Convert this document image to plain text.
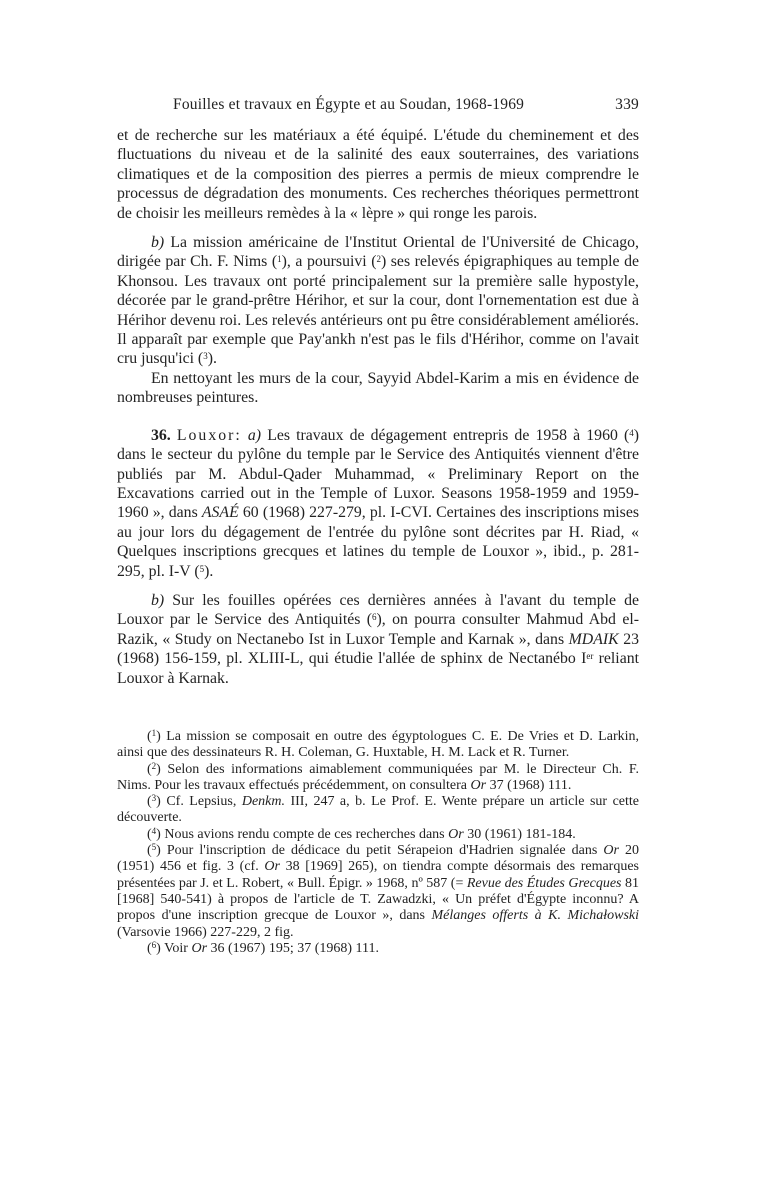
Fouilles et travaux en Égypte et au Soudan, 1968-1969	339

et de recherche sur les matériaux a été équipé. L'étude du cheminement et des fluctuations du niveau et de la salinité des eaux souterraines, des variations climatiques et de la composition des pierres a permis de mieux comprendre le processus de dégradation des monuments. Ces recherches théoriques permettront de choisir les meilleurs remèdes à la « lèpre » qui ronge les parois.

b) La mission américaine de l'Institut Oriental de l'Université de Chicago, dirigée par Ch. F. Nims ($^1$), a poursuivi ($^2$) ses relevés épigraphiques au temple de Khonsou. Les travaux ont porté principalement sur la première salle hypostyle, décorée par le grand-prêtre Hérihor, et sur la cour, dont l'ornementation est due à Hérihor devenu roi. Les relevés antérieurs ont pu être considérablement améliorés. Il apparaît par exemple que Pay'ankh n'est pas le fils d'Hérihor, comme on l'avait cru jusqu'ici ($^3$).

En nettoyant les murs de la cour, Sayyid Abdel-Karim a mis en évidence de nombreuses peintures.

36. Louxor: a) Les travaux de dégagement entrepris de 1958 à 1960 ($^4$) dans le secteur du pylône du temple par le Service des Antiquités viennent d'être publiés par M. Abdul-Qader Muhammad, « Preliminary Report on the Excavations carried out in the Temple of Luxor. Seasons 1958-1959 and 1959-1960 », dans ASAÉ 60 (1968) 227-279, pl. I-CVI. Certaines des inscriptions mises au jour lors du dégagement de l'entrée du pylône sont décrites par H. Riad, « Quelques inscriptions grecques et latines du temple de Louxor », ibid., p. 281-295, pl. I-V ($^5$).

b) Sur les fouilles opérées ces dernières années à l'avant du temple de Louxor par le Service des Antiquités ($^6$), on pourra consulter Mahmud Abd el-Razik, « Study on Nectanebo Ist in Luxor Temple and Karnak », dans MDAIK 23 (1968) 156-159, pl. XLIII-L, qui étudie l'allée de sphinx de Nectanébo Ier reliant Louxor à Karnak.

($^1$) La mission se composait en outre des égyptologues C. E. De Vries et D. Larkin, ainsi que des dessinateurs R. H. Coleman, G. Huxtable, H. M. Lack et R. Turner.

($^2$) Selon des informations aimablement communiquées par M. le Directeur Ch. F. Nims. Pour les travaux effectués précédemment, on consultera Or 37 (1968) 111.

($^3$) Cf. Lepsius, Denkm. III, 247 a, b. Le Prof. E. Wente prépare un article sur cette découverte.

($^4$) Nous avions rendu compte de ces recherches dans Or 30 (1961) 181-184.

($^5$) Pour l'inscription de dédicace du petit Sérapeion d'Hadrien signalée dans Or 20 (1951) 456 et fig. 3 (cf. Or 38 [1969] 265), on tiendra compte désormais des remarques présentées par J. et L. Robert, « Bull. Épigr. » 1968, nº 587 (= Revue des Études Grecques 81 [1968] 540-541) à propos de l'article de T. Zawadzki, « Un préfet d'Égypte inconnu? A propos d'une inscription grecque de Louxor », dans Mélanges offerts à K. Michałowski (Varsovie 1966) 227-229, 2 fig.

($^6$) Voir Or 36 (1967) 195; 37 (1968) 111.
